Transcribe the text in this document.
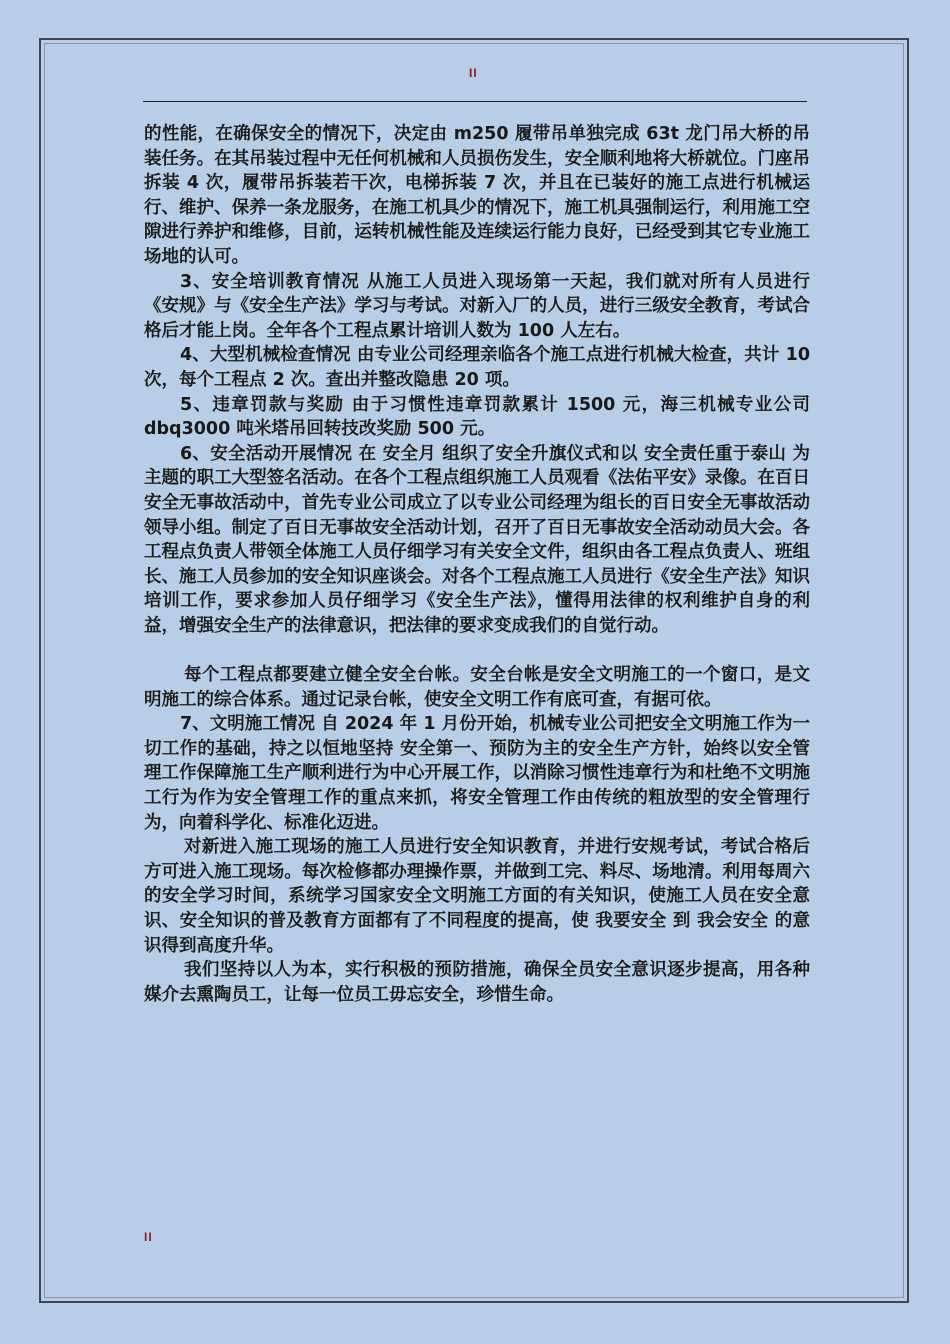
II

的性能，在确保安全的情况下，决定由 m250 履带吊单独完成 63t 龙门吊大桥的吊装任务。在其吊装过程中无任何机械和人员损伤发生，安全顺利地将大桥就位。门座吊拆装 4 次，履带吊拆装若干次，电梯拆装 7 次，并且在已装好的施工点进行机械运行、维护、保养一条龙服务，在施工机具少的情况下，施工机具强制运行，利用施工空隙进行养护和维修，目前，运转机械性能及连续运行能力良好，已经受到其它专业施工场地的认可。

3、安全培训教育情况 从施工人员进入现场第一天起，我们就对所有人员进行《安规》与《安全生产法》学习与考试。对新入厂的人员，进行三级安全教育，考试合格后才能上岗。全年各个工程点累计培训人数为 100 人左右。

4、大型机械检查情况 由专业公司经理亲临各个施工点进行机械大检查，共计 10 次，每个工程点 2 次。查出并整改隐患 20 项。

5、违章罚款与奖励 由于习惯性违章罚款累计 1500 元，海三机械专业公司 dbq3000 吨米塔吊回转技改奖励 500 元。

6、安全活动开展情况 在 安全月 组织了安全升旗仪式和以 安全责任重于泰山 为主题的职工大型签名活动。在各个工程点组织施工人员观看《法佑平安》录像。在百日安全无事故活动中，首先专业公司成立了以专业公司经理为组长的百日安全无事故活动领导小组。制定了百日无事故安全活动计划，召开了百日无事故安全活动动员大会。各工程点负责人带领全体施工人员仔细学习有关安全文件，组织由各工程点负责人、班组长、施工人员参加的安全知识座谈会。对各个工程点施工人员进行《安全生产法》知识培训工作，要求参加人员仔细学习《安全生产法》，懂得用法律的权利维护自身的利益，增强安全生产的法律意识，把法律的要求变成我们的自觉行动。

每个工程点都要建立健全安全台帐。安全台帐是安全文明施工的一个窗口，是文明施工的综合体系。通过记录台帐，使安全文明工作有底可查，有据可依。

7、文明施工情况 自 2024 年 1 月份开始，机械专业公司把安全文明施工作为一切工作的基础，持之以恒地坚持 安全第一、预防为主的安全生产方针，始终以安全管理工作保障施工生产顺利进行为中心开展工作，以消除习惯性违章行为和杜绝不文明施工行为作为安全管理工作的重点来抓，将安全管理工作由传统的粗放型的安全管理行为，向着科学化、标准化迈进。

对新进入施工现场的施工人员进行安全知识教育，并进行安规考试，考试合格后方可进入施工现场。每次检修都办理操作票，并做到工完、料尽、场地清。利用每周六的安全学习时间，系统学习国家安全文明施工方面的有关知识，使施工人员在安全意识、安全知识的普及教育方面都有了不同程度的提高，使 我要安全 到 我会安全 的意识得到高度升华。

我们坚持以人为本，实行积极的预防措施，确保全员安全意识逐步提高，用各种媒介去熏陶员工，让每一位员工毋忘安全，珍惜生命。

II
